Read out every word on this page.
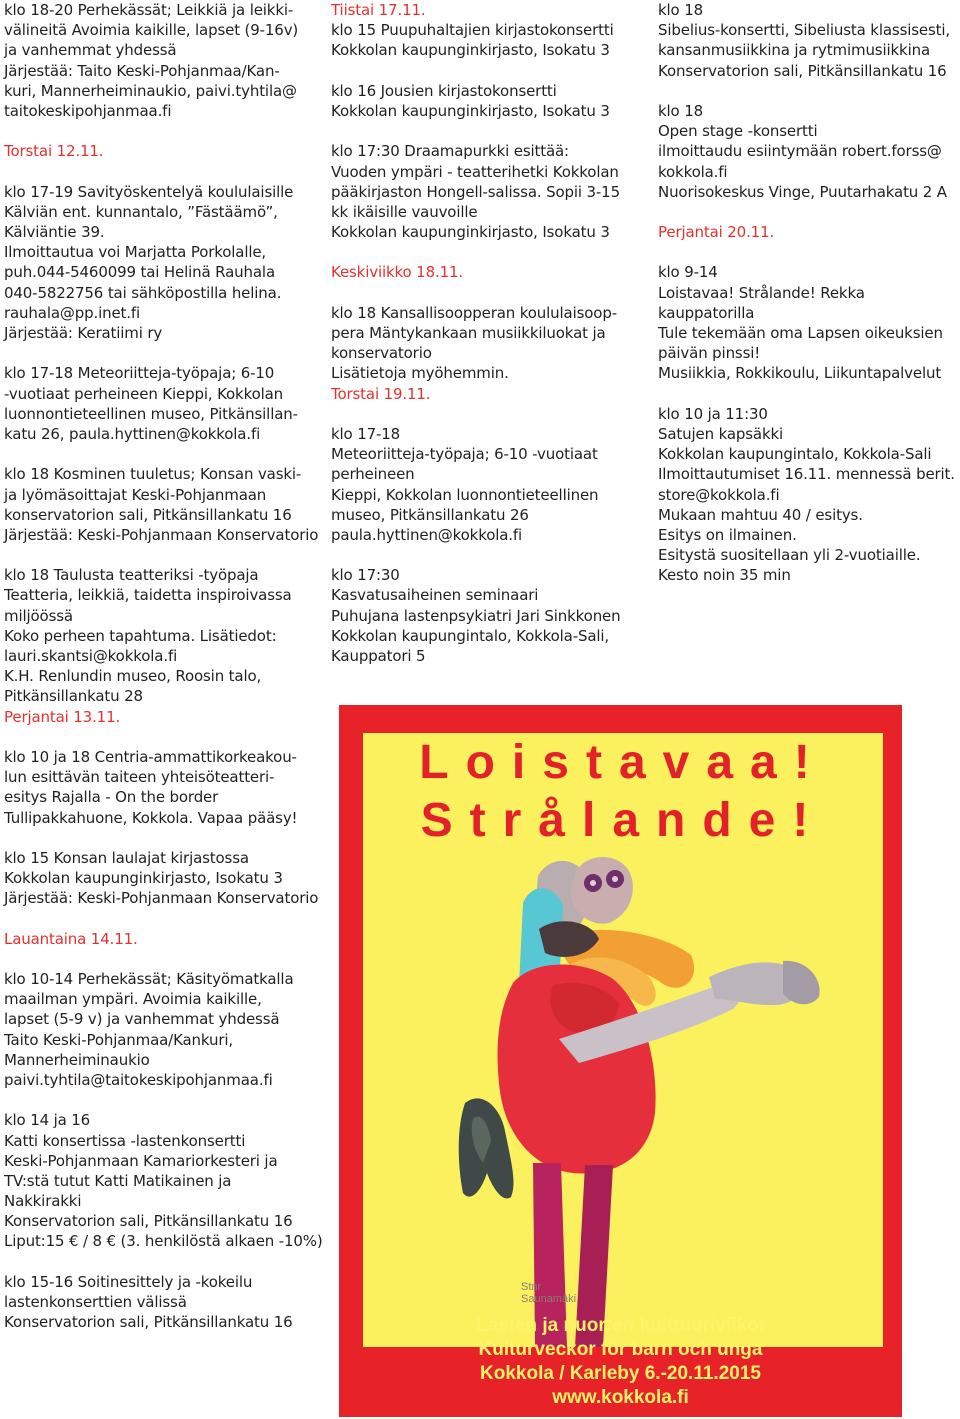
klo 18-20 Perhekässät; Leikkiä ja leikki-
välineitä Avoimia kaikille, lapset (9-16v)
ja vanhemmat yhdessä
Järjestää: Taito Keski-Pohjanmaa/Kan-
kuri, Mannerheiminaukio, paivi.tyhtila@
taitokeskipohjanmaa.fi
Torstai 12.11.
klo 17-19 Savityöskentelyä koululaisille
Kälviän ent. kunnantalo, ”Fästäämö”,
Kälviäntie 39.
Ilmoittautua voi Marjatta Porkolalle,
puh.044-5460099 tai Helinä Rauhala
040-5822756 tai sähköpostilla helina.
rauhala@pp.inet.fi
Järjestää: Keratiimi ry
klo 17-18 Meteoriitteja-työpaja; 6-10
-vuotiaat perheineen Kieppi, Kokkolan
luonnontieteellinen museo, Pitkänsillan-
katu 26, paula.hyttinen@kokkola.fi
klo 18 Kosminen tuuletus; Konsan vaski-
ja lyömäsoittajat Keski-Pohjanmaan
konservatorion sali, Pitkänsillankatu 16
Järjestää: Keski-Pohjanmaan Konservatorio
klo 18 Taulusta teatteriksi -työpaja
Teatteria, leikkiä, taidetta inspiroivassa
miljöössä
Koko perheen tapahtuma. Lisätiedot:
lauri.skantsi@kokkola.fi
K.H. Renlundin museo, Roosin talo,
Pitkänsillankatu 28
Perjantai 13.11.
klo 10 ja 18 Centria-ammattikorkeakou-
lun esittävän taiteen yhteisöteatteri-
esitys Rajalla - On the border
Tullipakkahuone, Kokkola. Vapaa pääsy!
klo 15 Konsan laulajat kirjastossa
Kokkolan kaupunginkirjasto, Isokatu 3
Järjestää: Keski-Pohjanmaan Konservatorio
Lauantaina 14.11.
klo 10-14 Perhekässät; Käsityömatkalla
maailman ympäri. Avoimia kaikille,
lapset (5-9 v) ja vanhemmat yhdessä
Taito Keski-Pohjanmaa/Kankuri,
Mannerheiminaukio
paivi.tyhtila@taitokeskipohjanmaa.fi
klo 14 ja 16
Katti konsertissa -lastenkonsertti
Keski-Pohjanmaan Kamariorkesteri ja
TV:stä tutut Katti Matikainen ja
Nakkirakki
Konservatorion sali, Pitkänsillankatu 16
Liput:15 € / 8 € (3. henkilöstä alkaen -10%)
klo 15-16 Soitinesittely ja -kokeilu
lastenkonserttien välissä
Konservatorion sali, Pitkänsillankatu 16
Tiistai 17.11.
klo 15 Puupuhaltajien kirjastokonsertti
Kokkolan kaupunginkirjasto, Isokatu 3
klo 16 Jousien kirjastokonsertti
Kokkolan kaupunginkirjasto, Isokatu 3
klo 17:30 Draamapurkki esittää:
Vuoden ympäri - teatterihetki Kokkolan
pääkirjaston Hongell-salissa. Sopii 3-15
kk ikäisille vauvoille
Kokkolan kaupunginkirjasto, Isokatu 3
Keskiviikko 18.11.
klo 18 Kansallisoopperan koululaisoop-
pera Mäntykankaan musiikkiluokat ja
konservatorio
Lisätietoja myöhemmin.
Torstai 19.11.
klo 17-18
Meteoriitteja-työpaja; 6-10 -vuotiaat
perheineen
Kieppi, Kokkolan luonnontieteellinen
museo, Pitkänsillankatu 26
paula.hyttinen@kokkola.fi
klo 17:30
Kasvatusaiheinen seminaari
Puhujana lastenpsykiatri Jari Sinkkonen
Kokkolan kaupungintalo, Kokkola-Sali,
Kauppatori 5
klo 18
Sibelius-konsertti, Sibeliusta klassisesti,
kansanmusiikkina ja rytmimusiikkina
Konservatorion sali, Pitkänsillankatu 16
klo 18
Open stage -konsertti
ilmoittaudu esiintymään robert.forss@
kokkola.fi
Nuorisokeskus Vinge, Puutarhakatu 2 A
Perjantai 20.11.
klo 9-14
Loistavaa! Strålande! Rekka
kauppatorilla
Tule tekemään oma Lapsen oikeuksien
päivän pinssi!
Musiikkia, Rokkikoulu, Liikuntapalvelut
klo 10 ja 11:30
Satujen kapsäkki
Kokkolan kaupungintalo, Kokkola-Sali
Ilmoittautumiset 16.11. mennessä berit.
store@kokkola.fi
Mukaan mahtuu 40 / esitys.
Esitys on ilmainen.
Esitystä suositellaan yli 2-vuotiaille.
Kesto noin 35 min
Loistavaa!
Strålande!
Stnr
Saunamäki
Lasten ja nuorten kulttuuriviikot
Kulturveckor för barn och unga
Kokkola / Karleby 6.-20.11.2015
www.kokkola.fi
